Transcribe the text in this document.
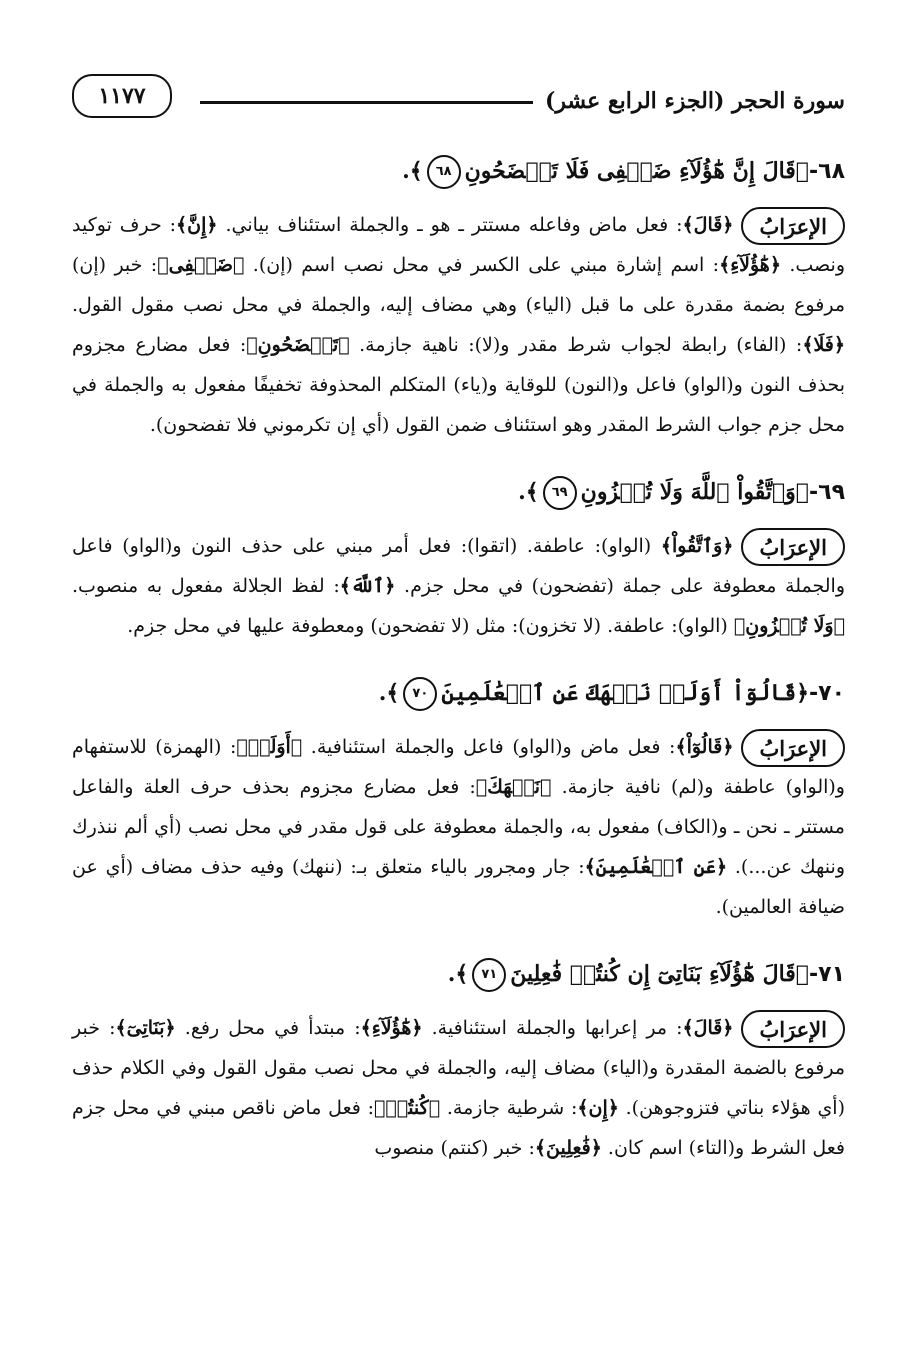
سورة الحجر (الجزء الرابع عشر)
١١٧٧
٦٨-﴿قَالَ إِنَّ هَٰٓؤُلَآءِ ضَيۡفِى فَلَا تَفۡضَحُونِ٦٨﴾.
الإعرَابُ﴿قَالَ﴾: فعل ماض وفاعله مستتر ـ هو ـ والجملة استئناف بياني. ﴿إِنَّ﴾: حرف توكيد ونصب. ﴿هَٰٓؤُلَآءِ﴾: اسم إشارة مبني على الكسر في محل نصب اسم (إن). ﴿ضَيۡفِى﴾: خبر (إن) مرفوع بضمة مقدرة على ما قبل (الياء) وهي مضاف إليه، والجملة في محل نصب مقول القول. ﴿فَلَا﴾: (الفاء) رابطة لجواب شرط مقدر و(لا): ناهية جازمة. ﴿تَفۡضَحُونِ﴾: فعل مضارع مجزوم بحذف النون و(الواو) فاعل و(النون) للوقاية و(ياء) المتكلم المحذوفة تخفيفًا مفعول به والجملة في محل جزم جواب الشرط المقدر وهو استئناف ضمن القول (أي إن تكرموني فلا تفضحون).
٦٩-﴿وَٱتَّقُواْ ٱللَّهَ وَلَا تُخۡزُونِ٦٩﴾.
الإعرَابُ﴿وَٱتَّقُواْ﴾ (الواو): عاطفة. (اتقوا): فعل أمر مبني على حذف النون و(الواو) فاعل والجملة معطوفة على جملة (تفضحون) في محل جزم. ﴿ٱللَّهَ﴾: لفظ الجلالة مفعول به منصوب. ﴿وَلَا تُخۡزُونِ﴾ (الواو): عاطفة. (لا تخزون): مثل (لا تفضحون) ومعطوفة عليها في محل جزم.
٧٠-﴿قَالُوٓاْ أَوَلَمۡ نَنۡهَكَ عَنِ ٱلۡعَٰلَمِينَ٧٠﴾.
الإعرَابُ﴿قَالُوٓاْ﴾: فعل ماض و(الواو) فاعل والجملة استئنافية. ﴿أَوَلَمۡ﴾: (الهمزة) للاستفهام و(الواو) عاطفة و(لم) نافية جازمة. ﴿نَنۡهَكَ﴾: فعل مضارع مجزوم بحذف حرف العلة والفاعل مستتر ـ نحن ـ و(الكاف) مفعول به، والجملة معطوفة على قول مقدر في محل نصب (أي ألم ننذرك وننهك عن...). ﴿عَنِ ٱلۡعَٰلَمِينَ﴾: جار ومجرور بالياء متعلق بـ: (ننهك) وفيه حذف مضاف (أي عن ضيافة العالمين).
٧١-﴿قَالَ هَٰٓؤُلَآءِ بَنَاتِىٓ إِن كُنتُمۡ فَٰعِلِينَ٧١﴾.
الإعرَابُ﴿قَالَ﴾: مر إعرابها والجملة استئنافية. ﴿هَٰٓؤُلَآءِ﴾: مبتدأ في محل رفع. ﴿بَنَاتِىٓ﴾: خبر مرفوع بالضمة المقدرة و(الياء) مضاف إليه، والجملة في محل نصب مقول القول وفي الكلام حذف (أي هؤلاء بناتي فتزوجوهن). ﴿إِن﴾: شرطية جازمة. ﴿كُنتُمۡ﴾: فعل ماض ناقص مبني في محل جزم فعل الشرط و(التاء) اسم كان. ﴿فَٰعِلِينَ﴾: خبر (كنتم) منصوب
